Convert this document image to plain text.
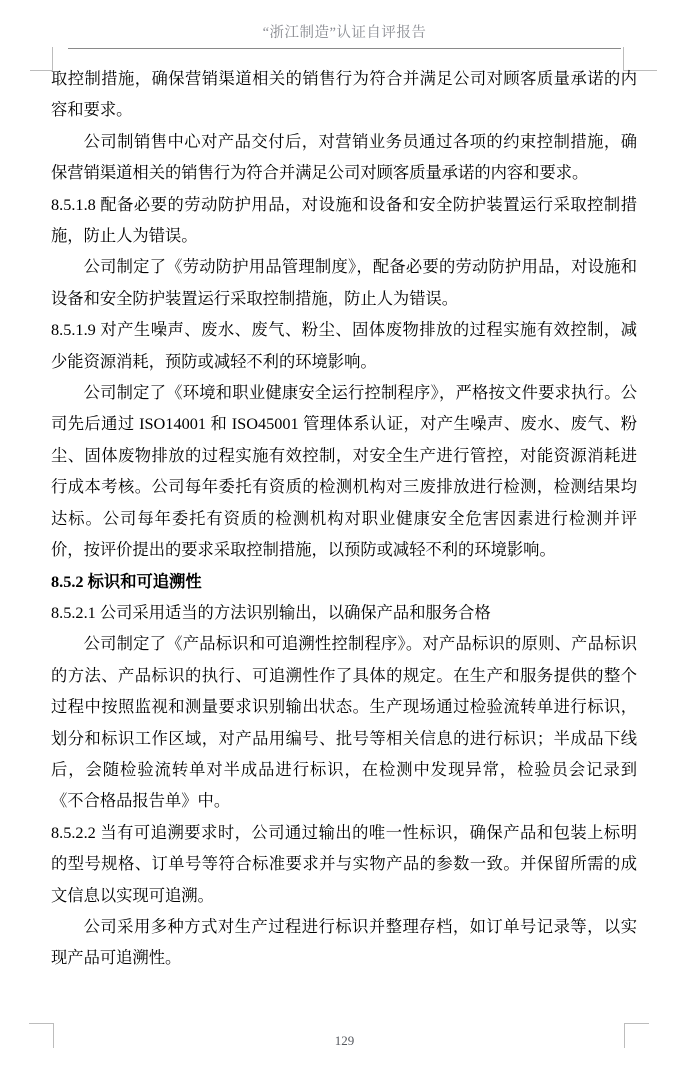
“浙江制造”认证自评报告

取控制措施，确保营销渠道相关的销售行为符合并满足公司对顾客质量承诺的内容和要求。

公司制销售中心对产品交付后，对营销业务员通过各项的约束控制措施，确保营销渠道相关的销售行为符合并满足公司对顾客质量承诺的内容和要求。

8.5.1.8 配备必要的劳动防护用品，对设施和设备和安全防护装置运行采取控制措施，防止人为错误。

公司制定了《劳动防护用品管理制度》，配备必要的劳动防护用品，对设施和设备和安全防护装置运行采取控制措施，防止人为错误。

8.5.1.9 对产生噪声、废水、废气、粉尘、固体废物排放的过程实施有效控制，减少能资源消耗，预防或减轻不利的环境影响。

公司制定了《环境和职业健康安全运行控制程序》，严格按文件要求执行。公司先后通过 ISO14001 和 ISO45001 管理体系认证，对产生噪声、废水、废气、粉尘、固体废物排放的过程实施有效控制，对安全生产进行管控，对能资源消耗进行成本考核。公司每年委托有资质的检测机构对三废排放进行检测，检测结果均达标。公司每年委托有资质的检测机构对职业健康安全危害因素进行检测并评价，按评价提出的要求采取控制措施，以预防或减轻不利的环境影响。

8.5.2 标识和可追溯性

8.5.2.1 公司采用适当的方法识别输出，以确保产品和服务合格

公司制定了《产品标识和可追溯性控制程序》。对产品标识的原则、产品标识的方法、产品标识的执行、可追溯性作了具体的规定。在生产和服务提供的整个过程中按照监视和测量要求识别输出状态。生产现场通过检验流转单进行标识，划分和标识工作区域，对产品用编号、批号等相关信息的进行标识；半成品下线后，会随检验流转单对半成品进行标识，在检测中发现异常，检验员会记录到《不合格品报告单》中。

8.5.2.2 当有可追溯要求时，公司通过输出的唯一性标识，确保产品和包装上标明的型号规格、订单号等符合标准要求并与实物产品的参数一致。并保留所需的成文信息以实现可追溯。

公司采用多种方式对生产过程进行标识并整理存档，如订单号记录等，以实现产品可追溯性。

129
